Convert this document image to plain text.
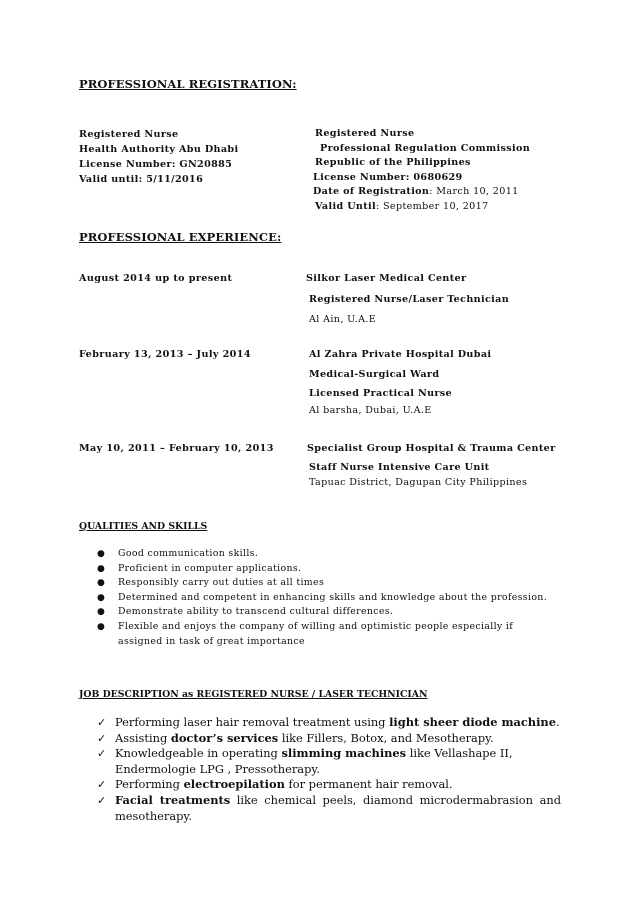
PROFESSIONAL REGISTRATION:
Registered Nurse
Health Authority Abu Dhabi
License Number: GN20885
Valid until: 5/11/2016
Registered Nurse
Professional Regulation Commission
Republic of the Philippines
License Number: 0680629
Date of Registration: March 10, 2011
Valid Until: September 10, 2017
PROFESSIONAL EXPERIENCE:
August 2014 up to present	Silkor Laser Medical Center
Registered Nurse/Laser Technician
Al Ain, U.A.E
February 13, 2013 – July 2014	Al Zahra Private Hospital Dubai
Medical-Surgical Ward
Licensed Practical Nurse
Al barsha, Dubai, U.A.E
May 10, 2011 – February 10, 2013	Specialist Group Hospital & Trauma Center
Staff Nurse Intensive Care Unit
Tapuac District, Dagupan City Philippines
QUALITIES AND SKILLS
● Good communication skills.
● Proficient in computer applications.
● Responsibly carry out duties at all times
● Determined and competent in enhancing skills and knowledge about the profession.
● Demonstrate ability to transcend cultural differences.
● Flexible and enjoys the company of willing and optimistic people especially if assigned in task of great importance
JOB DESCRIPTION as REGISTERED NURSE / LASER TECHNICIAN
✓ Performing laser hair removal treatment using light sheer diode machine.
✓ Assisting doctor’s services like Fillers, Botox, and Mesotherapy.
✓ Knowledgeable in operating slimming machines like Vellashape II, Endermologie LPG , Pressotherapy.
✓ Performing electroepilation for permanent hair removal.
✓ Facial treatments like chemical peels, diamond microdermabrasion and
mesotherapy.
